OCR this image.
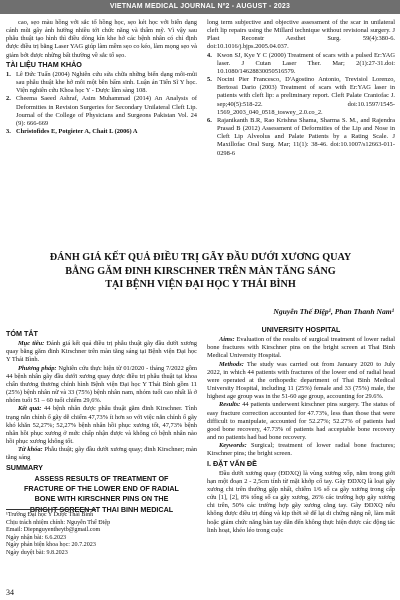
VIETNAM MEDICAL JOURNAL Nº2 - AUGUST - 2023

cao, sẹo màu hồng với sắc tố hồng học, sẹo két học với biến dạng cánh mũi gây ảnh hưởng nhiều tới chức năng và thẩm mỹ. Vì vậy sau phẫu thuật tạo hình thì điều dòng kín khe hở các bệnh nhân có chỉ định được điều trị bằng Laser YAG giúp làm mềm sẹo co kéo, làm mọng sẹo và giảm bớt được những bất thường về sắc tố sẹo.

TÀI LIỆU THAM KHẢO
1. Lê Đức Tuấn (2004) Nghiên cứu sửa chữa những biến dạng môi-mũi sau phẫu thuật khe hở môi một bên bẩm sinh. Luận án Tiến Sĩ Y học. Viện nghiên cứu Khoa học Y - Dược lâm sàng 108.
2. Cheema Saeed Ashraf, Asim Muhammad (2014) An Analysis of Deformities in Revision Surgeries for Secondary Unilateral Cleft Lip. Journal of the College of Physicians and Surgeons Pakistan Vol. 24 (9): 666-669
3. Christofides E, Potgieter A, Chait L (2006) A

long term subjective and objective assessment of the scar in unilateral cleft lip repairs using the Millard technique without revisional surgery. J Plast Reconstr Aesthet Surg. 59(4):380-6. doi:10.1016/j.bjps.2005.04.037.

4. Kwon SJ, Kye Y C (2000) Treatment of scars with a pulsed Er:YAG laser. J Cutan Laser Ther. Mar; 2(1):27-31.doi: 10.1080/14628830050516579.
5. Nocini Pier Francesco, D'Agostino Antonio, Trevisiol Lorenzo, Bertossi Dario (2003) Treatment of scars with Er:YAG laser in patients with cleft lip: a preliminary report. Cleft Palate Craniofac J. sep;40(5):518-22. doi:10.1597/1545-1569_2003_040_0518_toswey_2.0.co_2.
6. Rajanikanth B.R, Rao Krishna Shama, Sharma S. M., and Rajendra Prasad B (2012) Assessment of Deformities of the Lip and Nose in Cleft Lip Alveolus and Palate Patients by a Rating Scale. J Maxillofac Oral Surg. Mar; 11(1): 38-46. doi:10.1007/s12663-011-0298-6

ĐÁNH GIÁ KẾT QUẢ ĐIỀU TRỊ GÃY ĐẦU DƯỚI XƯƠNG QUAY

BẰNG GĂM ĐINH KIRSCHNER TRÊN MÀN TĂNG SÁNG

TẠI BỆNH VIỆN ĐẠI HỌC Y THÁI BÌNH

Nguyễn Thế Điệp¹, Phan Thanh Nam¹
TÓM TẮT

Mục tiêu: Đánh giá kết quả điều trị phẫu thuật gãy đầu dưới xương quay bằng găm đinh Kirschner trên màn tăng sáng tại Bệnh viện Đại học Y Thái Bình.

Phương pháp: Nghiên cứu thực hiện từ 01/2020 - tháng 7/2022 gồm 44 bệnh nhân gãy đầu dưới xương quay được điều trị phẫu thuật tại khoa chấn thương thương chỉnh hình Bệnh viện Đại học Y Thái Bình gồm 11 (25%) bệnh nhân nữ và 33 (75%) bệnh nhân nam, nhóm tuổi cao nhất là ở nhóm tuổi 51 – 60 tuổi chiếm 29,6%.

Kết quả: 44 bệnh nhân được phẫu thuật găm đinh Kirschner. Tình trạng nắn chỉnh ổ gãy dễ chiếm 47,73% ít hơn so với việc nắn chỉnh ổ gãy khó khăn 52,27%; 52,27% bệnh nhân hồi phục xương tốt, 47,73% bệnh nhân hồi phục xương ở mức chấp nhận được và không có bệnh nhân nào hồi phục xương không tốt.

Từ khóa: Phẫu thuật; gãy đầu dưới xương quay; đinh Kirschner; màn tăng sáng

SUMMARY

ASSESS RESULTS OF TREATMENT OF

FRACTURE OF THE LOWER END OF RADIAL

BONE WITH KIRSCHNER PINS ON THE

BRIGHT SCREEN AT THAI BINH MEDICAL

¹Trường Đại học Y Dược Thái Bình
Chịu trách nhiệm chính: Nguyễn Thế Điệp
Email: Diepnguyentheytb@gmail.com
Ngày nhận bài: 6.6.2023
Ngày phản biện khoa học: 20.7.2023
Ngày duyệt bài: 9.8.2023
34
UNIVERSITY HOSPITAL

Aims: Evaluation of the results of surgical treatment of lower radial bone fractures with Kirschner pins on the bright screen at Thai Binh Medical University Hospital.

Methods: The study was carried out from January 2020 to July 2022, in which 44 patients with fractures of the lower end of radial head were operated at the orthopedic department of Thai Binh Medical University Hospital, including 11 (25%) female and 33 (75%) male, the highest age group was in the 51-60 age group, accounting for 29.6%.

Results: 44 patients underwent kirschner pins surgery. The status of easy fracture correction accounted for 47.73%, less than those that were difficult to manipulate, accounted for 52.27%; 52.27% of patients had good bone recovery, 47.73% of patients had acceptable bone recovery and no patients had bad bone recovery.

Keywords: Surgical; treatment of lower radial bone fractures; Kirschner pins; the bright screen.

I. ĐẶT VẤN ĐỀ

Đầu dưới xương quay (ĐDXQ) là vùng xương xốp, nằm trong giới hạn một đoạn 2 - 2,5cm tính từ mặt khớp cổ tay. Gãy ĐDXQ là loại gãy xương chi trên thường gặp nhất, chiếm 1/6 số ca gãy xương trong cấp cứu [1], [2], 8% tổng số ca gãy xương, 26% các trường hợp gãy xương chi trên, 50% các trường hợp gãy xương cẳng tay. Gãy ĐDXQ nếu không được điều trị đúng và kịp thời sẽ để lại di chứng nặng nề, làm mất hoặc giảm chức năng bàn tay dẫn đến không thực hiện được các động tác linh hoạt, khéo léo trong cuộc
